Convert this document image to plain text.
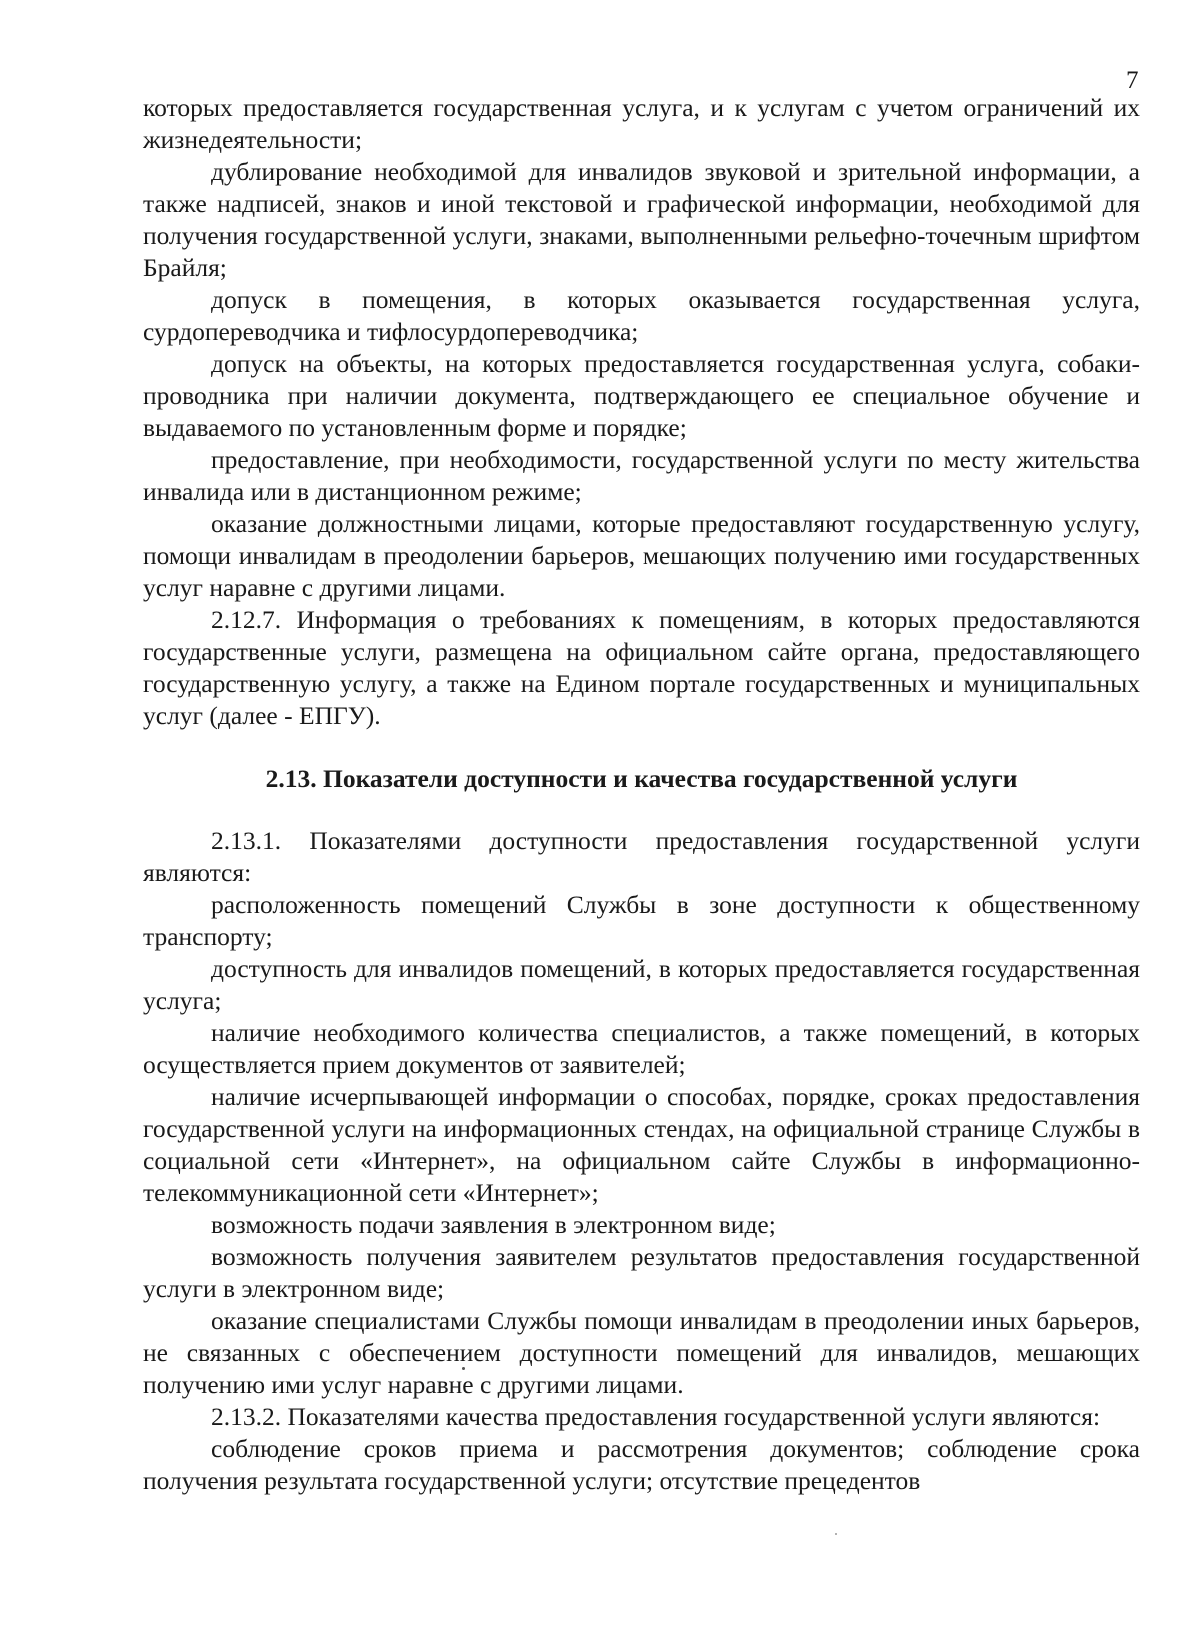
7

которых предоставляется государственная услуга, и к услугам с учетом ограничений их жизнедеятельности;

дублирование необходимой для инвалидов звуковой и зрительной информации, а также надписей, знаков и иной текстовой и графической информации, необходимой для получения государственной услуги, знаками, выполненными рельефно-точечным шрифтом Брайля;

допуск в помещения, в которых оказывается государственная услуга, сурдопереводчика и тифлосурдопереводчика;

допуск на объекты, на которых предоставляется государственная услуга, собаки-проводника при наличии документа, подтверждающего ее специальное обучение и выдаваемого по установленным форме и порядке;

предоставление, при необходимости, государственной услуги по месту жительства инвалида или в дистанционном режиме;

оказание должностными лицами, которые предоставляют государственную услугу, помощи инвалидам в преодолении барьеров, мешающих получению ими государственных услуг наравне с другими лицами.

2.12.7. Информация о требованиях к помещениям, в которых предоставляются государственные услуги, размещена на официальном сайте органа, предоставляющего государственную услугу, а также на Едином портале государственных и муниципальных услуг (далее - ЕПГУ).

2.13. Показатели доступности и качества государственной услуги

2.13.1. Показателями доступности предоставления государственной услуги являются:

расположенность помещений Службы в зоне доступности к общественному транспорту;

доступность для инвалидов помещений, в которых предоставляется государственная услуга;

наличие необходимого количества специалистов, а также помещений, в которых осуществляется прием документов от заявителей;

наличие исчерпывающей информации о способах, порядке, сроках предоставления государственной услуги на информационных стендах, на официальной странице Службы в социальной сети «Интернет», на официальном сайте Службы в информационно-телекоммуникационной сети «Интернет»;

возможность подачи заявления в электронном виде;

возможность получения заявителем результатов предоставления государственной услуги в электронном виде;

оказание специалистами Службы помощи инвалидам в преодолении иных барьеров, не связанных с обеспечением доступности помещений для инвалидов, мешающих получению ими услуг наравне с другими лицами.

2.13.2. Показателями качества предоставления государственной услуги являются:

соблюдение сроков приема и рассмотрения документов; соблюдение срока получения результата государственной услуги; отсутствие прецедентов
